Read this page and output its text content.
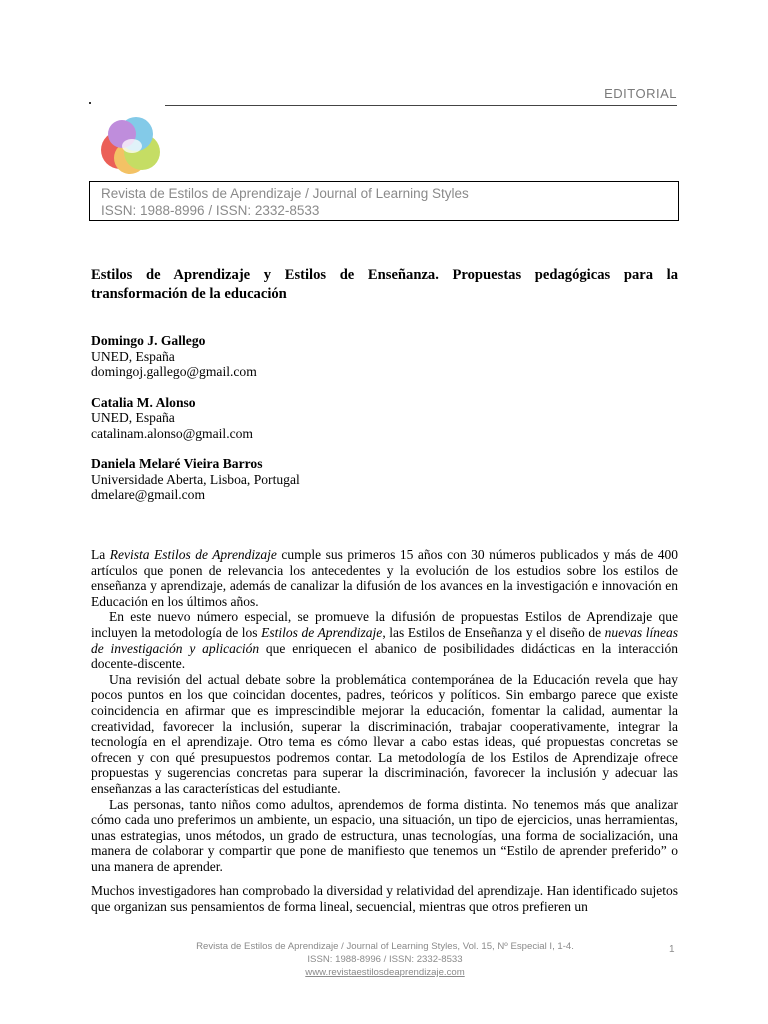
EDITORIAL
Revista de Estilos de Aprendizaje / Journal of Learning Styles
ISSN: 1988-8996 / ISSN: 2332-8533
Estilos de Aprendizaje y Estilos de Enseñanza. Propuestas pedagógicas para la transformación de la educación
Domingo J. Gallego
UNED, España
domingoj.gallego@gmail.com
Catalia M. Alonso
UNED, España
catalinam.alonso@gmail.com
Daniela Melaré Vieira Barros
Universidade Aberta, Lisboa, Portugal
dmelare@gmail.com

La Revista Estilos de Aprendizaje cumple sus primeros 15 años con 30 números publicados y más de 400 artículos que ponen de relevancia los antecedentes y la evolución de los estudios sobre los estilos de enseñanza y aprendizaje, además de canalizar la difusión de los avances en la investigación e innovación en Educación en los últimos años.

En este nuevo número especial, se promueve la difusión de propuestas Estilos de Aprendizaje que incluyen la metodología de los Estilos de Aprendizaje, las Estilos de Enseñanza y el diseño de nuevas líneas de investigación y aplicación que enriquecen el abanico de posibilidades didácticas en la interacción docente-discente.

Una revisión del actual debate sobre la problemática contemporánea de la Educación revela que hay pocos puntos en los que coincidan docentes, padres, teóricos y políticos. Sin embargo parece que existe coincidencia en afirmar que es imprescindible mejorar la educación, fomentar la calidad, aumentar la creatividad, favorecer la inclusión, superar la discriminación, trabajar cooperativamente, integrar la tecnología en el aprendizaje. Otro tema es cómo llevar a cabo estas ideas, qué propuestas concretas se ofrecen y con qué presupuestos podremos contar. La metodología de los Estilos de Aprendizaje ofrece propuestas y sugerencias concretas para superar la discriminación, favorecer la inclusión y adecuar las enseñanzas a las características del estudiante.

Las personas, tanto niños como adultos, aprendemos de forma distinta. No tenemos más que analizar cómo cada uno preferimos un ambiente, un espacio, una situación, un tipo de ejercicios, unas herramientas, unas estrategias, unos métodos, un grado de estructura, unas tecnologías, una forma de socialización, una manera de colaborar y compartir que pone de manifiesto que tenemos un “Estilo de aprender preferido” o una manera de aprender.

Muchos investigadores han comprobado la diversidad y relatividad del aprendizaje. Han identificado sujetos que organizan sus pensamientos de forma lineal, secuencial, mientras que otros prefieren un

Revista de Estilos de Aprendizaje / Journal of Learning Styles, Vol. 15, Nº Especial I, 1-4.
ISSN: 1988-8996 / ISSN: 2332-8533
www.revistaestilosdeaprendizaje.com
1
